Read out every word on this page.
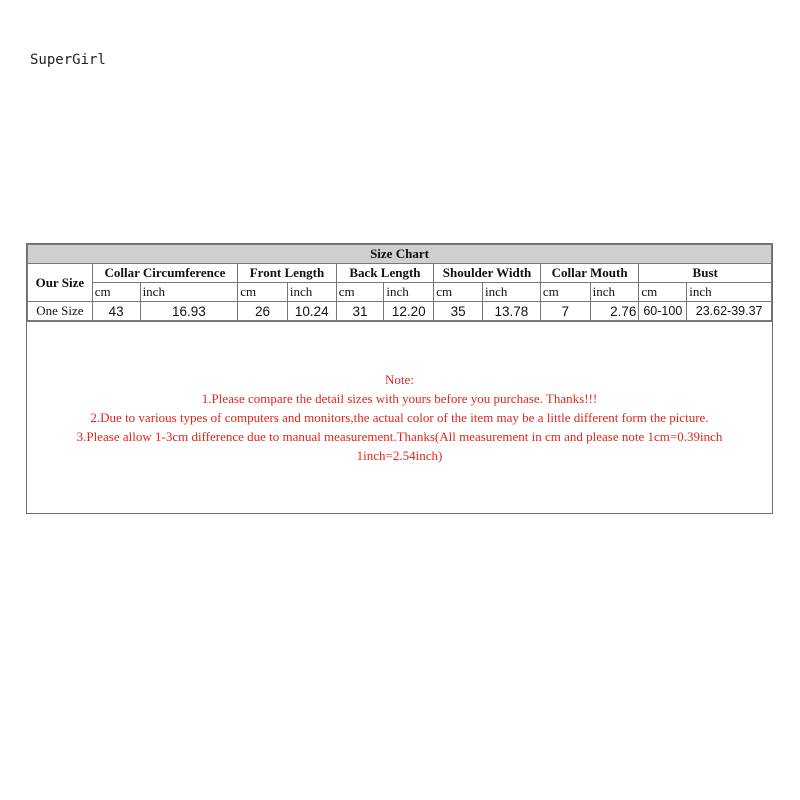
SuperGirl
Size Chart												
Our Size	Collar Circumference		Front Length		Back Length		Shoulder Width		Collar Mouth		Bust	
	cm	inch	cm	inch	cm	inch	cm	inch	cm	inch	cm	inch
One Size	43	16.93	26	10.24	31	12.20	35	13.78	7	2.76	60-100	23.62-39.37
Note:
1.Please compare the detail sizes with yours before you purchase. Thanks!!!
2.Due to various types of computers and monitors,the actual color of the item may be a little different form the picture.
3.Please allow 1-3cm difference due to manual measurement.Thanks(All measurement in cm and please note 1cm=0.39inch
1inch=2.54inch)
